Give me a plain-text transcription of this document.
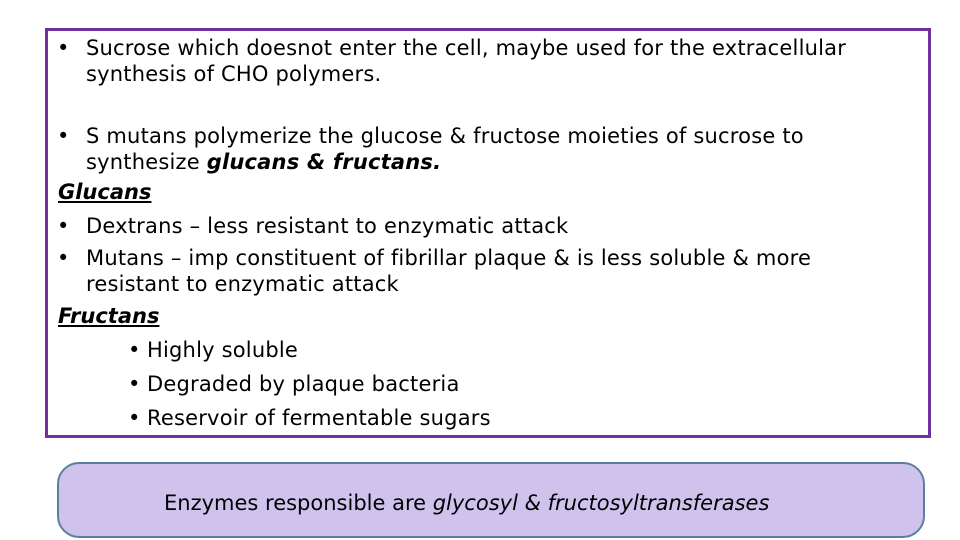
• Sucrose which doesnot enter the cell, maybe used for the extracellular
synthesis of CHO polymers.
• S mutans polymerize the glucose & fructose moieties of sucrose to
synthesize glucans & fructans.
Glucans
• Dextrans – less resistant to enzymatic attack
• Mutans – imp constituent of fibrillar plaque & is less soluble & more
resistant to enzymatic attack
Fructans
• Highly soluble
• Degraded by plaque bacteria
• Reservoir of fermentable sugars
Enzymes responsible are glycosyl & fructosyltransferases
